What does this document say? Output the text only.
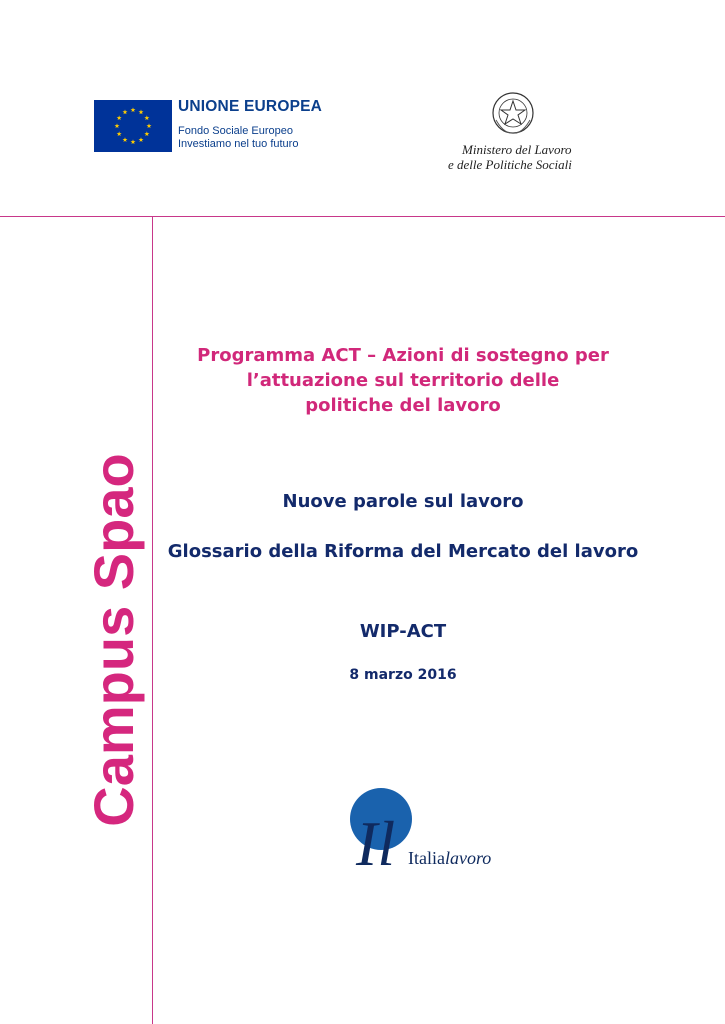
UNIONE EUROPEA
Fondo Sociale Europeo
Investiamo nel tuo futuro	Ministero del Lavoro
e delle Politiche Sociali
Campus Spao
Programma ACT – Azioni di sostegno per
l’attuazione sul territorio delle
politiche del lavoro
Nuove parole sul lavoro
Glossario della Riforma del Mercato del lavoro
WIP-ACT
8 marzo 2016
Il Italialavoro
